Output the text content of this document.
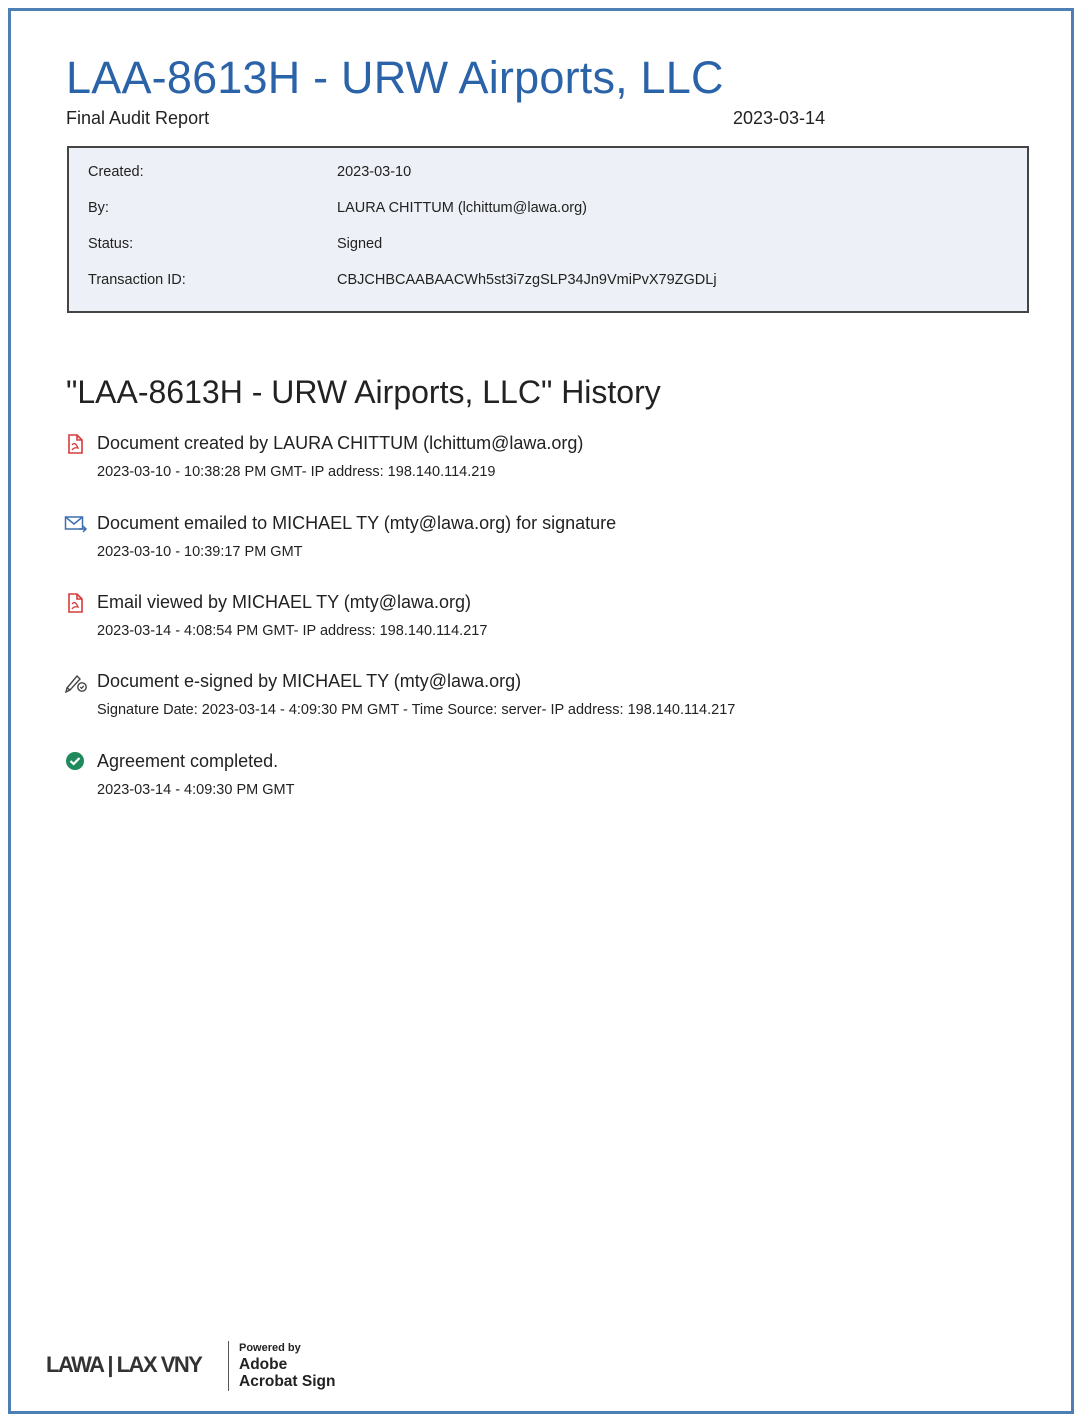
LAA-8613H - URW Airports, LLC
Final Audit Report	2023-03-14
Created:	2023-03-10
By:	LAURA CHITTUM (lchittum@lawa.org)
Status:	Signed
Transaction ID:	CBJCHBCAABAACWh5st3i7zgSLP34Jn9VmiPvX79ZGDLj
"LAA-8613H - URW Airports, LLC" History
Document created by LAURA CHITTUM (lchittum@lawa.org)
2023-03-10 - 10:38:28 PM GMT- IP address: 198.140.114.219
Document emailed to MICHAEL TY (mty@lawa.org) for signature
2023-03-10 - 10:39:17 PM GMT
Email viewed by MICHAEL TY (mty@lawa.org)
2023-03-14 - 4:08:54 PM GMT- IP address: 198.140.114.217
Document e-signed by MICHAEL TY (mty@lawa.org)
Signature Date: 2023-03-14 - 4:09:30 PM GMT - Time Source: server- IP address: 198.140.114.217
Agreement completed.
2023-03-14 - 4:09:30 PM GMT
LAWA | LAX VNY
Powered by
Adobe
Acrobat Sign
